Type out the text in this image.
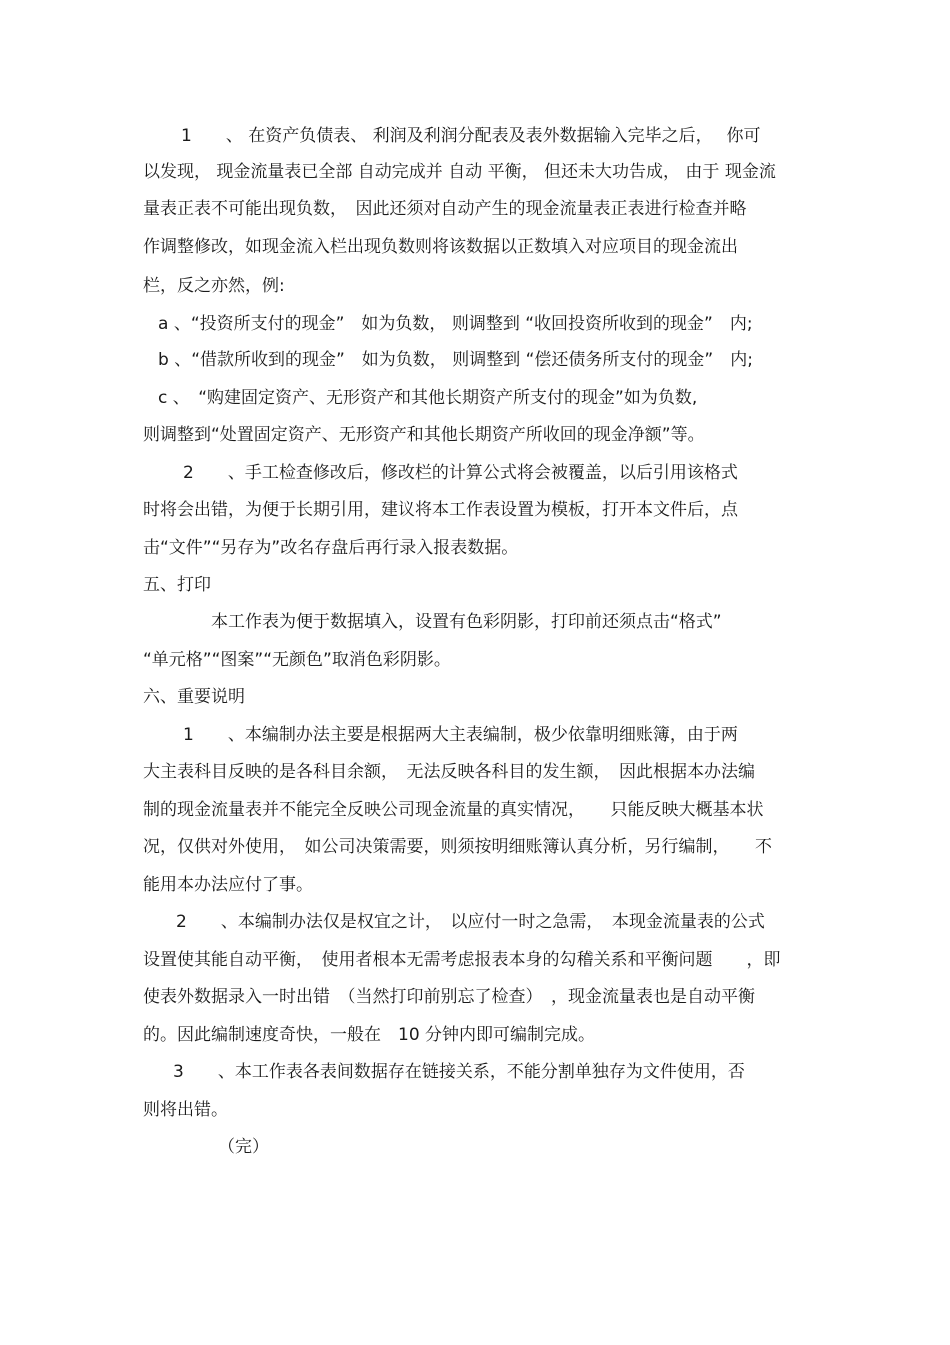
1　　、 在资产负债表、 利润及利润分配表及表外数据输入完毕之后，　 你可
以发现， 现金流量表已全部 自动完成并 自动 平衡， 但还未大功告成， 由于 现金流
量表正表不可能出现负数，　因此还须对自动产生的现金流量表正表进行检查并略
作调整修改，如现金流入栏出现负数则将该数据以正数填入对应项目的现金流出
栏，反之亦然，例:
a 、“投资所支付的现金”　如为负数， 则调整到 “收回投资所收到的现金”　内;
b 、“借款所收到的现金”　如为负数， 则调整到 “偿还债务所支付的现金”　内;
c 、　“购建固定资产、无形资产和其他长期资产所支付的现金”如为负数,
则调整到“处置固定资产、无形资产和其他长期资产所收回的现金净额”等。
2　　、手工检查修改后，修改栏的计算公式将会被覆盖，以后引用该格式
时将会出错，为便于长期引用，建议将本工作表设置为模板，打开本文件后，点
击“文件”“另存为”改名存盘后再行录入报表数据。
五、打印
本工作表为便于数据填入，设置有色彩阴影，打印前还须点击“格式”
“单元格”“图案”“无颜色”取消色彩阴影。
六、重要说明
1　　、本编制办法主要是根据两大主表编制，极少依靠明细账簿，由于两
大主表科目反映的是各科目余额，　无法反映各科目的发生额，　因此根据本办法编
制的现金流量表并不能完全反映公司现金流量的真实情况，　　只能反映大概基本状
况，仅供对外使用，　如公司决策需要，则须按明细账簿认真分析，另行编制，　　不
能用本办法应付了事。
2　　、本编制办法仅是权宜之计，　以应付一时之急需，　本现金流量表的公式
设置使其能自动平衡，　使用者根本无需考虑报表本身的勾稽关系和平衡问题　　，即
使表外数据录入一时出错　（当然打印前别忘了检查）　，现金流量表也是自动平衡
的。因此编制速度奇快，一般在　10 分钟内即可编制完成。
3　　、本工作表各表间数据存在链接关系，不能分割单独存为文件使用，否
则将出错。
（完）
